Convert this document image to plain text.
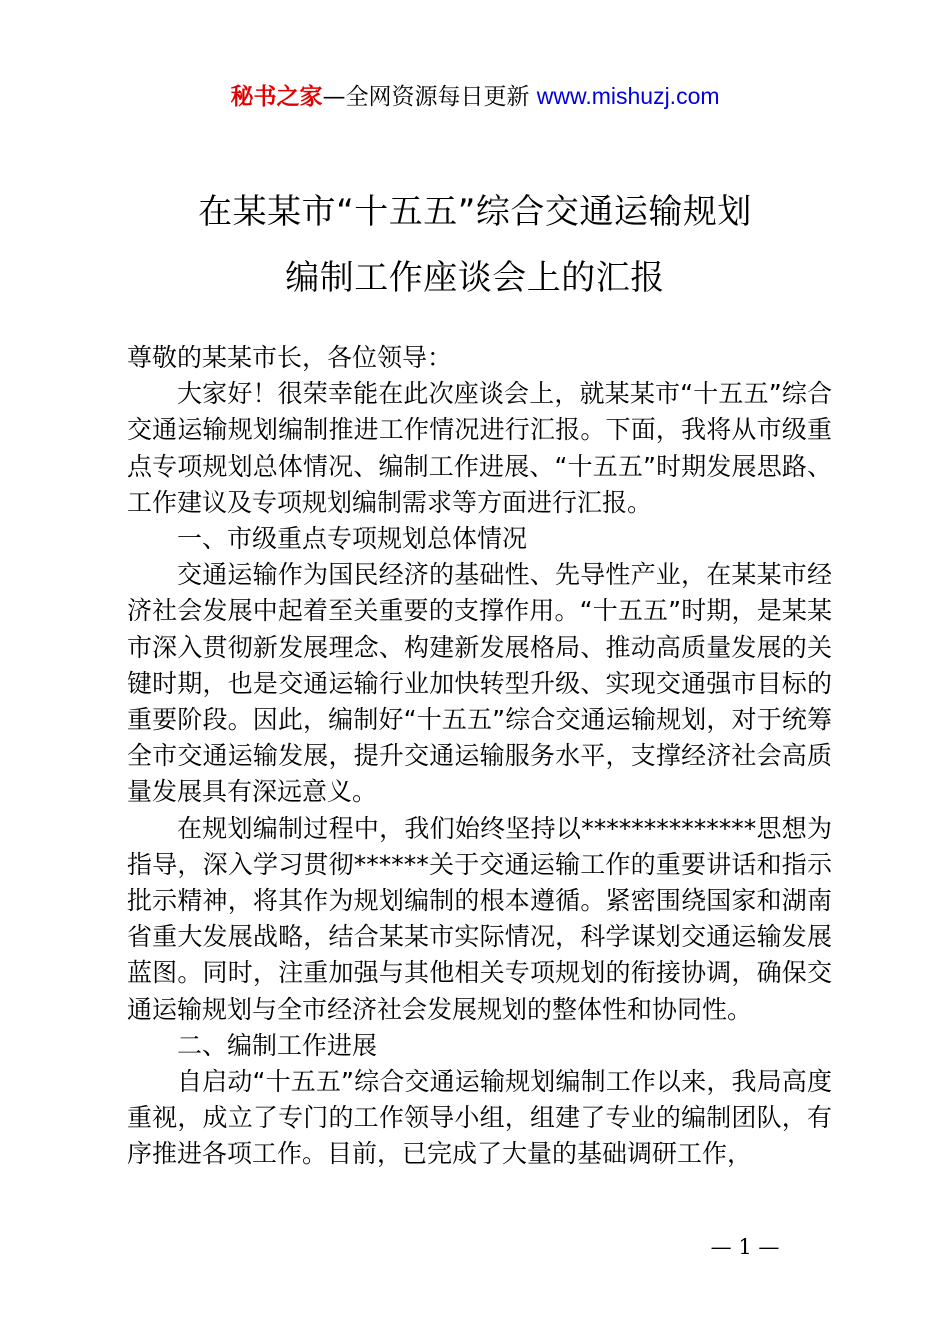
秘书之家—全网资源每日更新 www.mishuzj.com
在某某市“十五五”综合交通运输规划
编制工作座谈会上的汇报

尊敬的某某市长，各位领导：

大家好！很荣幸能在此次座谈会上，就某某市“十五五”综合交通运输规划编制推进工作情况进行汇报。下面，我将从市级重点专项规划总体情况、编制工作进展、“十五五”时期发展思路、工作建议及专项规划编制需求等方面进行汇报。

一、市级重点专项规划总体情况

交通运输作为国民经济的基础性、先导性产业，在某某市经济社会发展中起着至关重要的支撑作用。“十五五”时期，是某某市深入贯彻新发展理念、构建新发展格局、推动高质量发展的关键时期，也是交通运输行业加快转型升级、实现交通强市目标的重要阶段。因此，编制好“十五五”综合交通运输规划，对于统筹全市交通运输发展，提升交通运输服务水平，支撑经济社会高质量发展具有深远意义。

在规划编制过程中，我们始终坚持以**************思想为指导，深入学习贯彻******关于交通运输工作的重要讲话和指示批示精神，将其作为规划编制的根本遵循。紧密围绕国家和湖南省重大发展战略，结合某某市实际情况，科学谋划交通运输发展蓝图。同时，注重加强与其他相关专项规划的衔接协调，确保交通运输规划与全市经济社会发展规划的整体性和协同性。

二、编制工作进展

自启动“十五五”综合交通运输规划编制工作以来，我局高度重视，成立了专门的工作领导小组，组建了专业的编制团队，有序推进各项工作。目前，已完成了大量的基础调研工作，

— 1 —
